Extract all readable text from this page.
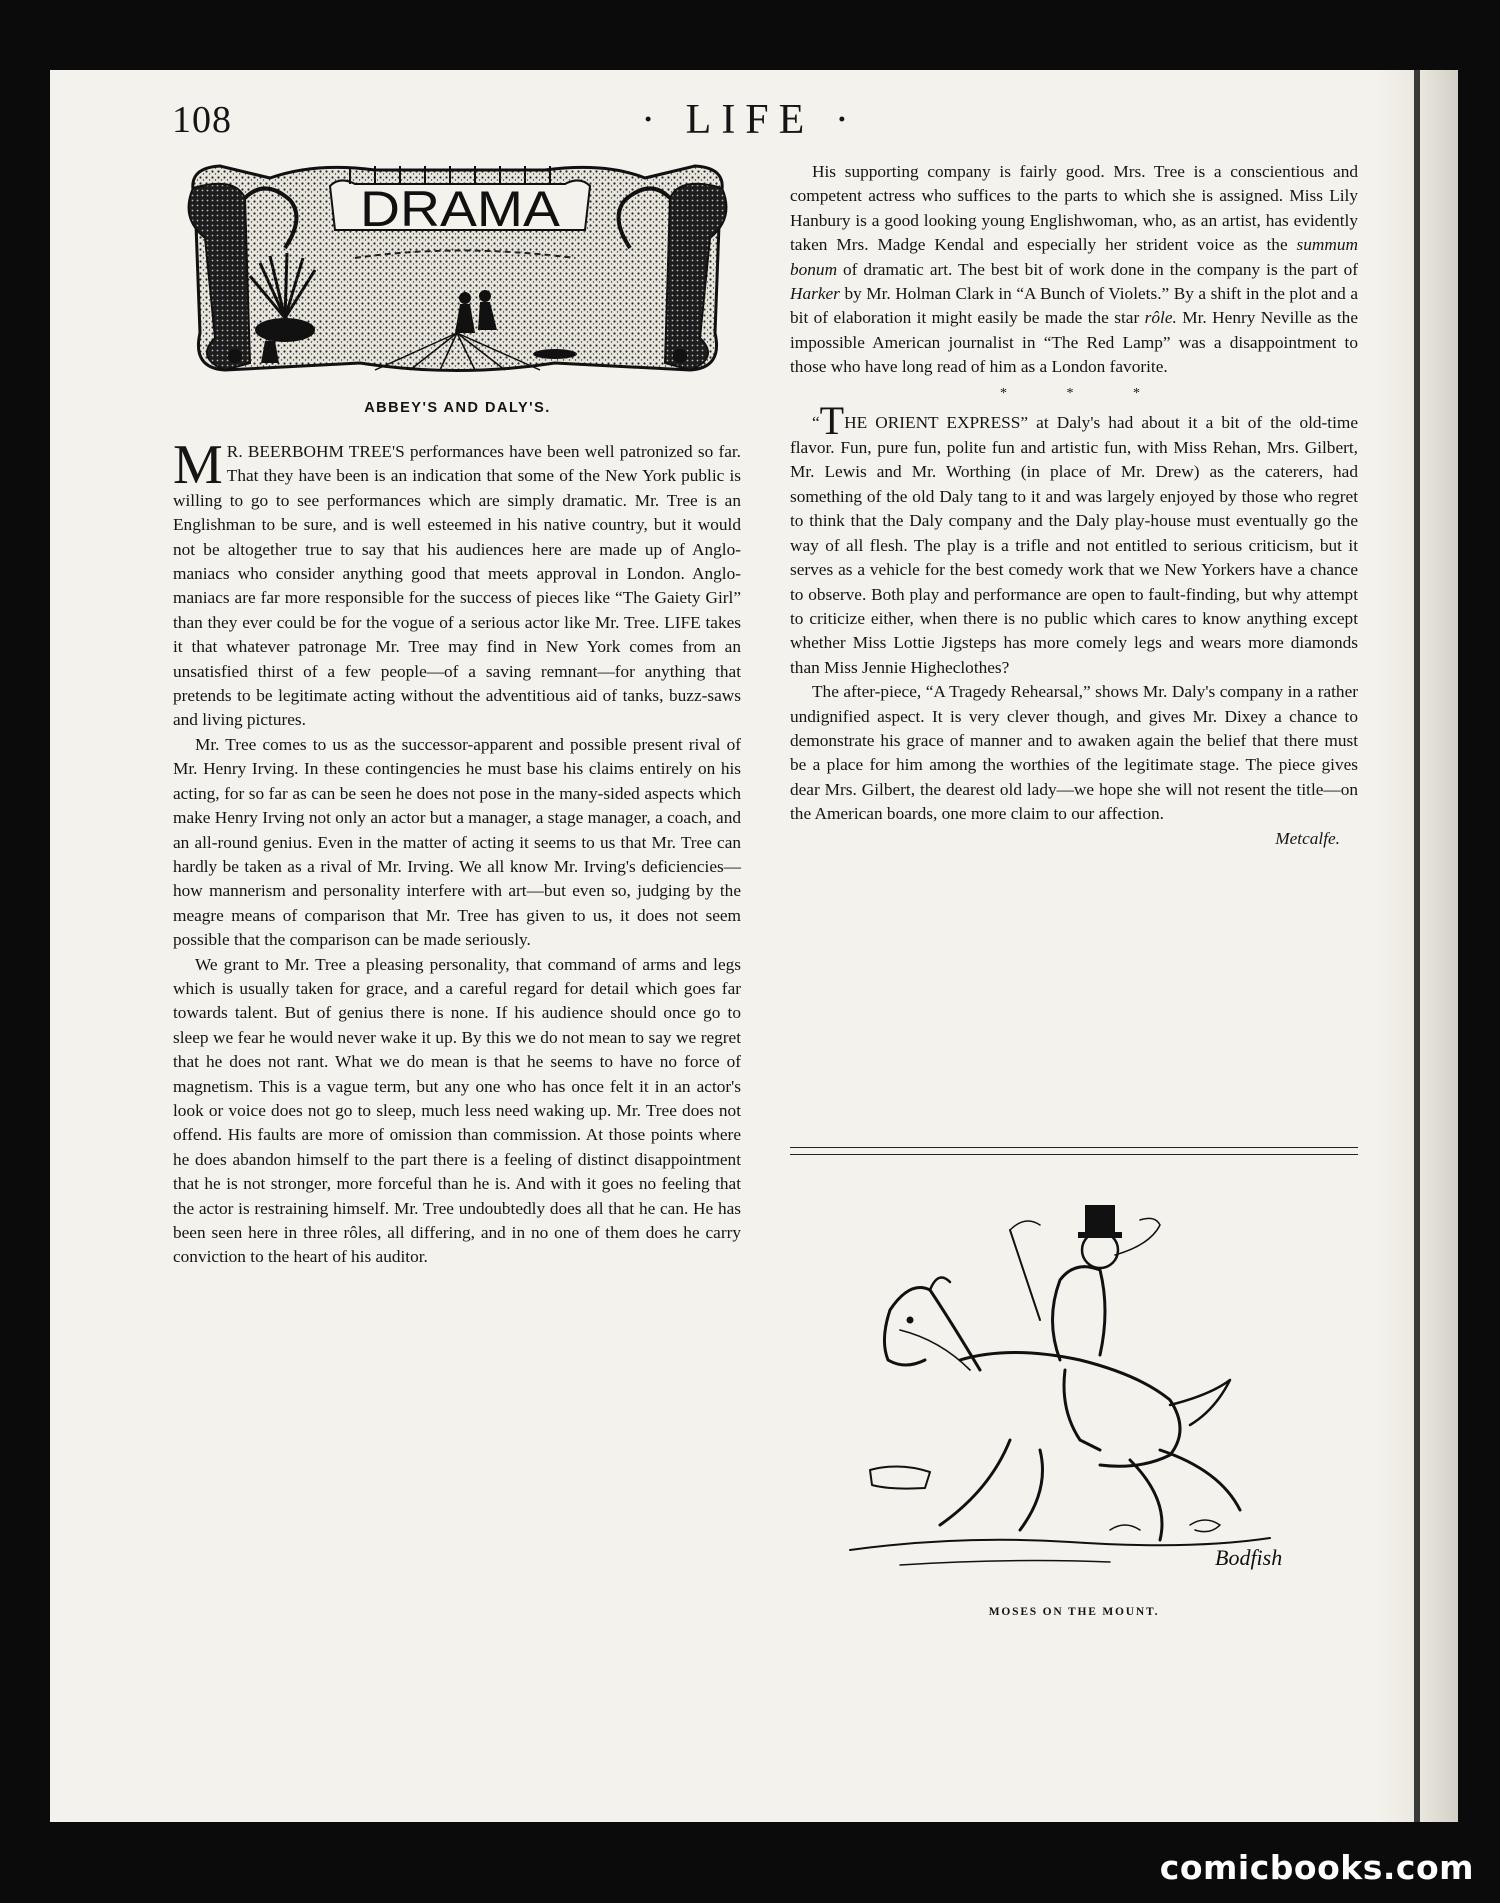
108	· LIFE ·
DRAMA
ABBEY'S AND DALY'S.

M R. BEERBOHM TREE'S performances have been well patronized so far. That they have been is an indication that some of the New York public is willing to go to see performances which are simply dramatic. Mr. Tree is an Englishman to be sure, and is well esteemed in his native country, but it would not be altogether true to say that his audiences here are made up of Anglo-maniacs who consider anything good that meets approval in London. Anglo-maniacs are far more responsible for the success of pieces like “The Gaiety Girl” than they ever could be for the vogue of a serious actor like Mr. Tree. LIFE takes it that whatever patronage Mr. Tree may find in New York comes from an unsatisfied thirst of a few people—of a saving remnant—for anything that pretends to be legitimate acting without the adventitious aid of tanks, buzz-saws and living pictures.

Mr. Tree comes to us as the successor-apparent and possible present rival of Mr. Henry Irving. In these contingencies he must base his claims entirely on his acting, for so far as can be seen he does not pose in the many-sided aspects which make Henry Irving not only an actor but a manager, a stage manager, a coach, and an all-round genius. Even in the matter of acting it seems to us that Mr. Tree can hardly be taken as a rival of Mr. Irving. We all know Mr. Irving's deficiencies—how mannerism and personality interfere with art—but even so, judging by the meagre means of comparison that Mr. Tree has given to us, it does not seem possible that the comparison can be made seriously.

We grant to Mr. Tree a pleasing personality, that command of arms and legs which is usually taken for grace, and a careful regard for detail which goes far towards talent. But of genius there is none. If his audience should once go to sleep we fear he would never wake it up. By this we do not mean to say we regret that he does not rant. What we do mean is that he seems to have no force of magnetism. This is a vague term, but any one who has once felt it in an actor's look or voice does not go to sleep, much less need waking up. Mr. Tree does not offend. His faults are more of omission than commission. At those points where he does abandon himself to the part there is a feeling of distinct disappointment that he is not stronger, more forceful than he is. And with it goes no feeling that the actor is restraining himself. Mr. Tree undoubtedly does all that he can. He has been seen here in three rôles, all differing, and in no one of them does he carry conviction to the heart of his auditor.

His supporting company is fairly good. Mrs. Tree is a conscientious and competent actress who suffices to the parts to which she is assigned. Miss Lily Hanbury is a good looking young Englishwoman, who, as an artist, has evidently taken Mrs. Madge Kendal and especially her strident voice as the summum bonum of dramatic art. The best bit of work done in the company is the part of Harker by Mr. Holman Clark in “A Bunch of Violets.” By a shift in the plot and a bit of elaboration it might easily be made the star rôle. Mr. Henry Neville as the impossible American journalist in “The Red Lamp” was a disappointment to those who have long read of him as a London favorite.

* * *

“THE ORIENT EXPRESS” at Daly's had about it a bit of the old-time flavor. Fun, pure fun, polite fun and artistic fun, with Miss Rehan, Mrs. Gilbert, Mr. Lewis and Mr. Worthing (in place of Mr. Drew) as the caterers, had something of the old Daly tang to it and was largely enjoyed by those who regret to think that the Daly company and the Daly play-house must eventually go the way of all flesh. The play is a trifle and not entitled to serious criticism, but it serves as a vehicle for the best comedy work that we New Yorkers have a chance to observe. Both play and performance are open to fault-finding, but why attempt to criticize either, when there is no public which cares to know anything except whether Miss Lottie Jigsteps has more comely legs and wears more diamonds than Miss Jennie Higheclothes?

The after-piece, “A Tragedy Rehearsal,” shows Mr. Daly's company in a rather undignified aspect. It is very clever though, and gives Mr. Dixey a chance to demonstrate his grace of manner and to awaken again the belief that there must be a place for him among the worthies of the legitimate stage. The piece gives dear Mrs. Gilbert, the dearest old lady—we hope she will not resent the title—on the American boards, one more claim to our affection.

Metcalfe.

Bodfish
MOSES ON THE MOUNT.
comicbooks.com
